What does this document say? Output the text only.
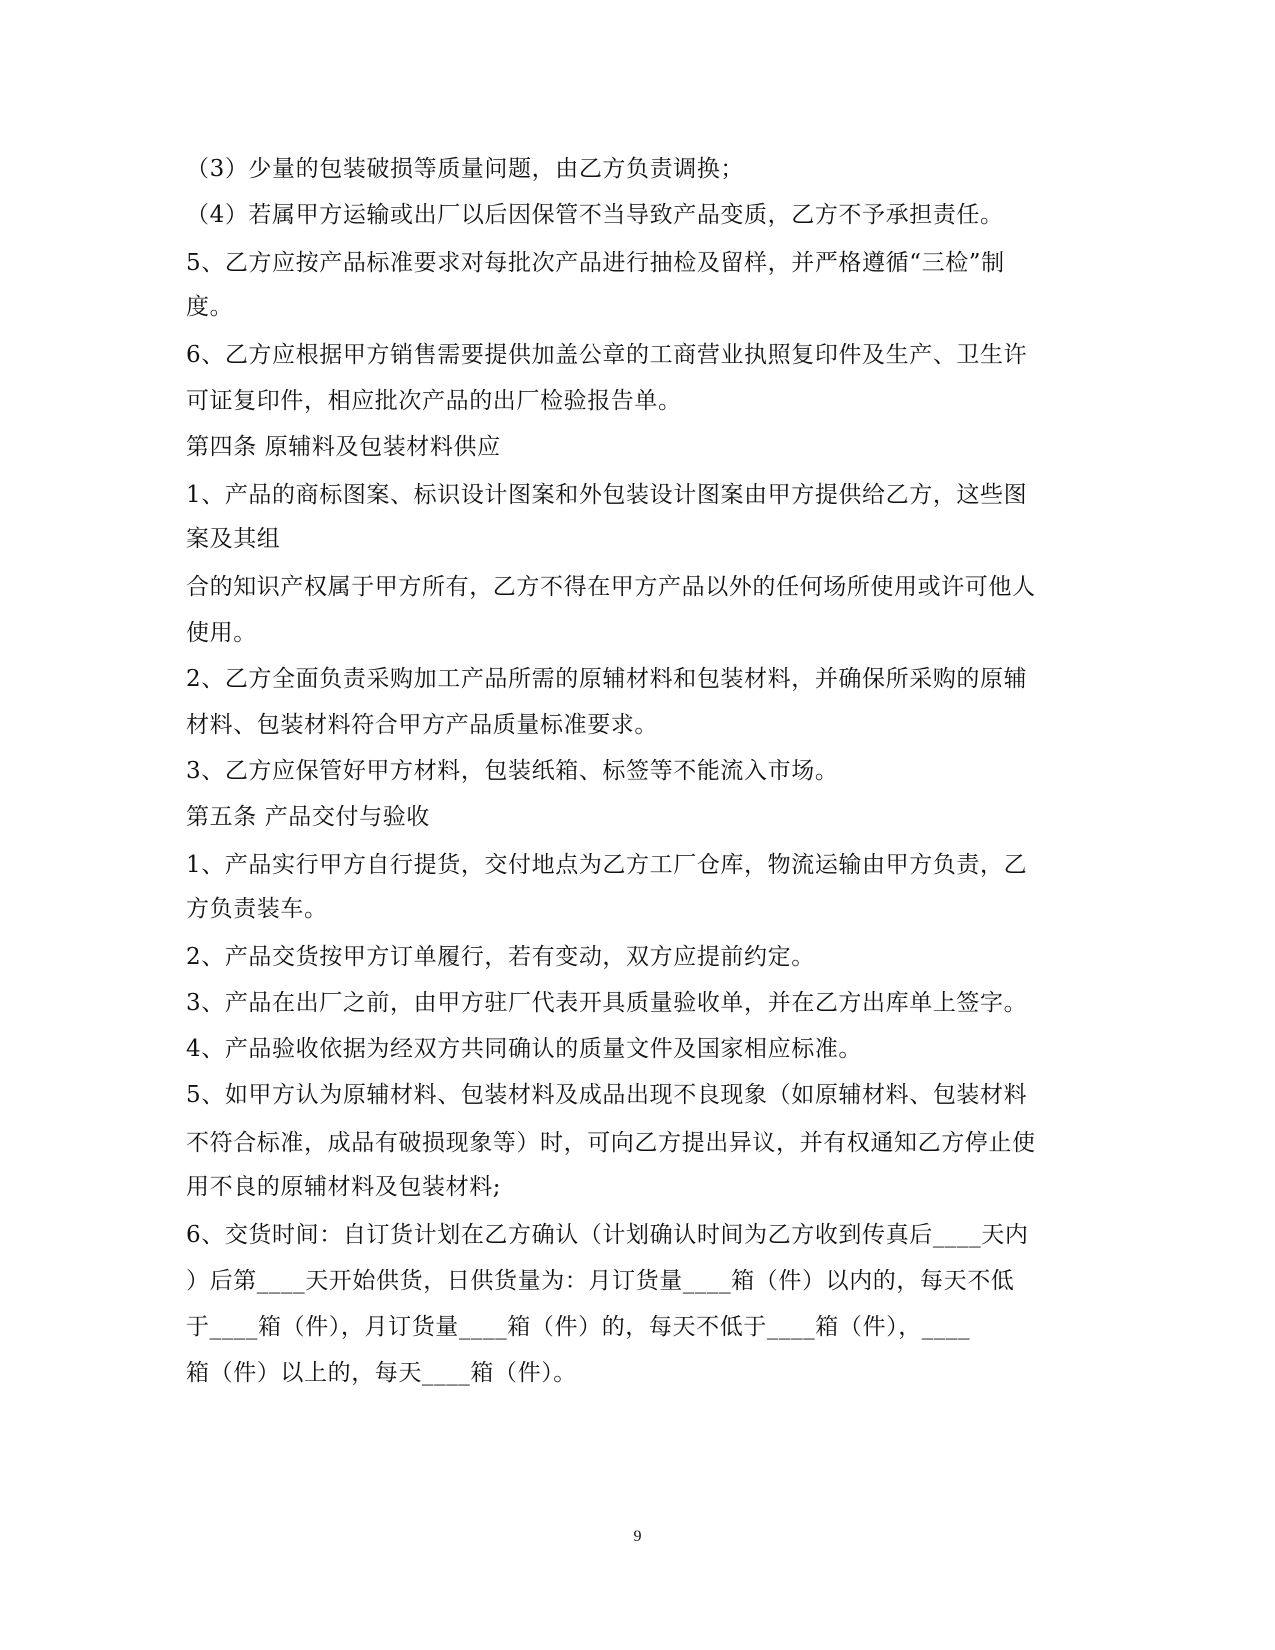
（3）少量的包装破损等质量问题，由乙方负责调换；
（4）若属甲方运输或出厂以后因保管不当导致产品变质，乙方不予承担责任。
5、乙方应按产品标准要求对每批次产品进行抽检及留样，并严格遵循“三检”制
度。
6、乙方应根据甲方销售需要提供加盖公章的工商营业执照复印件及生产、卫生许
可证复印件，相应批次产品的出厂检验报告单。
第四条 原辅料及包装材料供应
1、产品的商标图案、标识设计图案和外包装设计图案由甲方提供给乙方，这些图
案及其组
合的知识产权属于甲方所有，乙方不得在甲方产品以外的任何场所使用或许可他人
使用。
2、乙方全面负责采购加工产品所需的原辅材料和包装材料，并确保所采购的原辅
材料、包装材料符合甲方产品质量标准要求。
3、乙方应保管好甲方材料，包装纸箱、标签等不能流入市场。
第五条 产品交付与验收
1、产品实行甲方自行提货，交付地点为乙方工厂仓库，物流运输由甲方负责，乙
方负责装车。
2、产品交货按甲方订单履行，若有变动，双方应提前约定。
3、产品在出厂之前，由甲方驻厂代表开具质量验收单，并在乙方出库单上签字。
4、产品验收依据为经双方共同确认的质量文件及国家相应标准。
5、如甲方认为原辅材料、包装材料及成品出现不良现象（如原辅材料、包装材料
不符合标准，成品有破损现象等）时，可向乙方提出异议，并有权通知乙方停止使
用不良的原辅材料及包装材料;
6、交货时间：自订货计划在乙方确认（计划确认时间为乙方收到传真后____天内
）后第____天开始供货，日供货量为：月订货量____箱（件）以内的，每天不低
于____箱（件），月订货量____箱（件）的，每天不低于____箱（件），____
箱（件）以上的，每天____箱（件）。
9
